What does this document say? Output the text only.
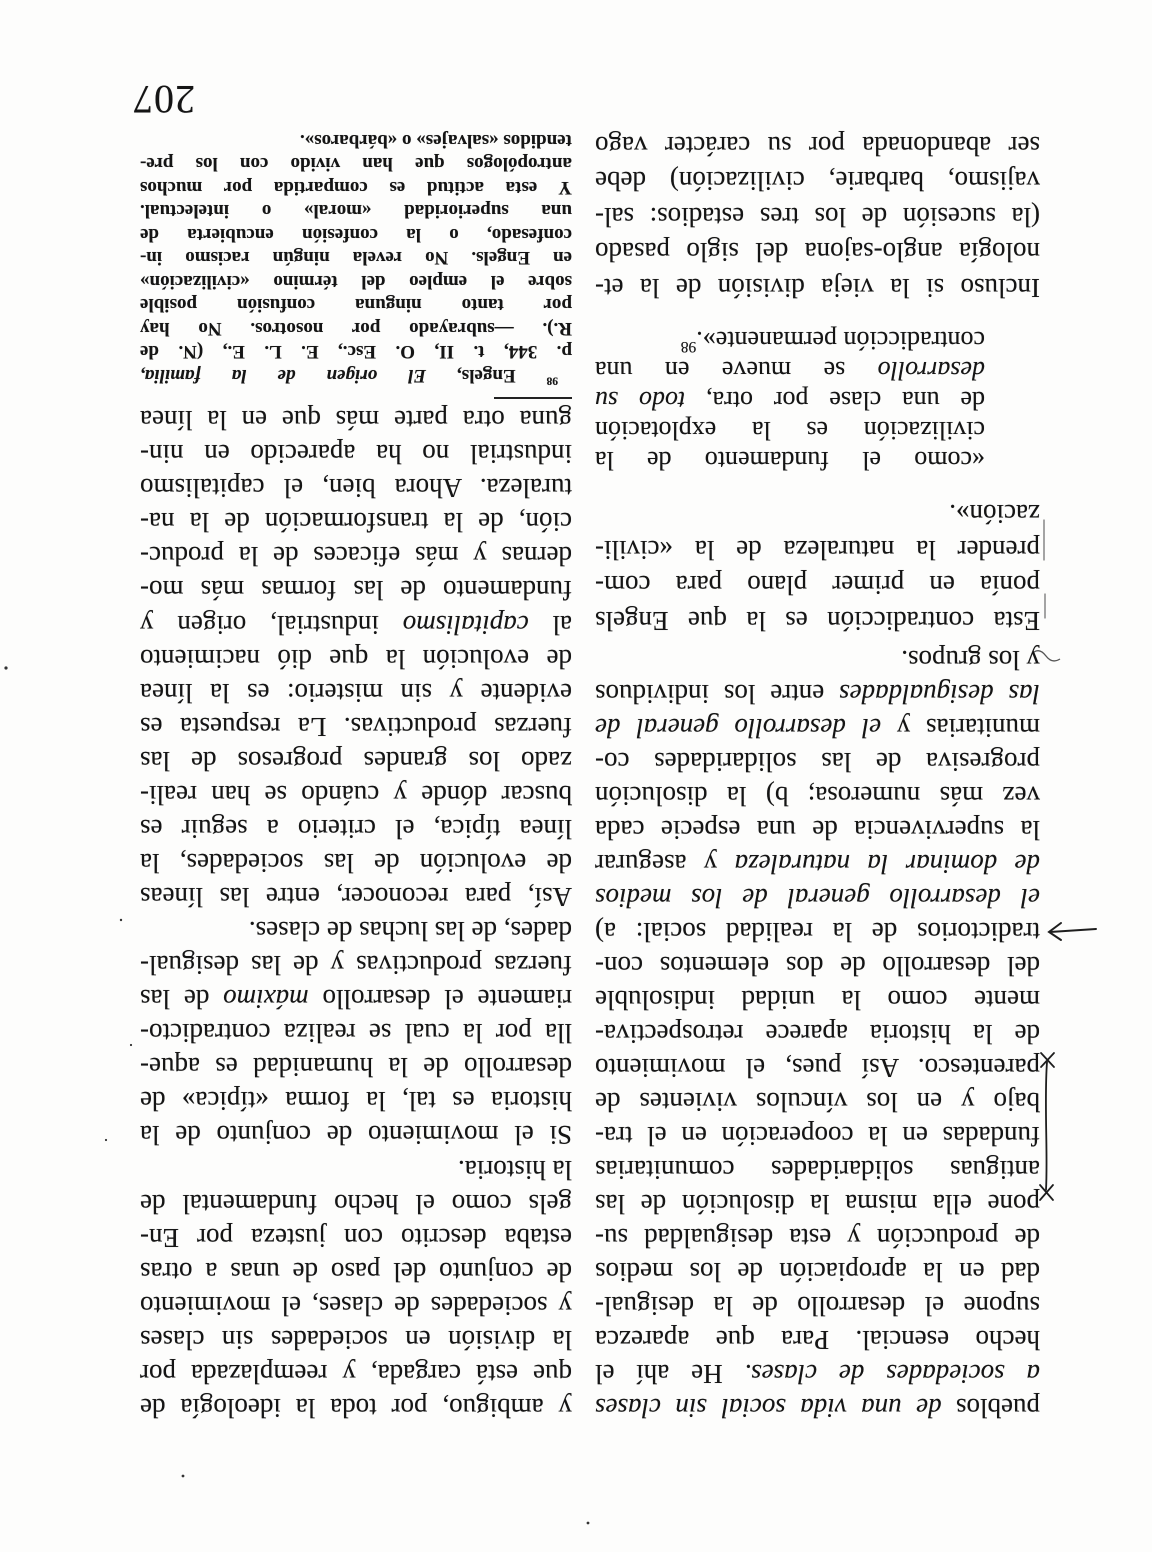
pueblos de una vida social sin clases
a sociedades de clases. He ahí el
hecho esencial. Para que aparezca
supone el desarrollo de la desigual-
dad en la apropiación de los medios
de producción y esta desigualdad su-
pone ella misma la disolución de las
antiguas solidaridades comunitarias
fundadas en la cooperación en el tra-
bajo y en los vínculos vivientes de
parentesco. Así pues, el movimiento
de la historia aparece retrospectiva-
mente como la unidad indisoluble
del desarrollo de dos elementos con-
tradictorios de la realidad social: a)
el desarrollo general de los medios
de dominar la naturaleza y asegurar
la supervivencia de una especie cada
vez más numerosa; b) la disolución
progresiva de las solidaridades co-
munitarias y el desarrollo general de
las desigualdades entre los individuos
y los grupos.
Esta contradicción es la que Engels
ponía en primer plano para com-
prender la naturaleza de la «civili-
zación».
«como el fundamento de la
civilización es la explotación
de una clase por otra, todo su
desarrollo se mueve en una
contradicción permanente».$^{98}$
Incluso si la vieja división de la et-
nología anglo-sajona del siglo pasado
(la sucesión de los tres estadios: sal-
vajismo, barbarie, civilización) debe
ser abandonada por su carácter vago
y ambiguo, por toda la ideología de
que está cargada, y reemplazada por
la división en sociedades sin clases
y sociedades de clases, el movimiento
de conjunto del paso de unas a otras
estaba descrito con justeza por En-
gels como el hecho fundamental de
la historia.
Si el movimiento de conjunto de la
historia es tal, la forma «típica» de
desarrollo de la humanidad es aque-
lla por la cual se realiza contradicto-
riamente el desarrollo máximo de las
fuerzas productivas y de las desigual-
dades, de las luchas de clases.
Así, para reconocer, entre las líneas
de evolución de las sociedades, la
línea típica, el criterio a seguir es
buscar dónde y cuándo se han reali-
zado los grandes progresos de las
fuerzas productivas. La respuesta es
evidente y sin misterio: es la línea
de evolución la que dió nacimiento
al capitalismo industrial, origen y
fundamento de las formas más mo-
dernas y más eficaces de la produc-
ción, de la transformación de la na-
turaleza. Ahora bien, el capitalismo
industrial no ha aparecido en nin-
guna otra parte más que en la línea
$^{98}$ Engels, El origen de la familia,
p. 344, t. II, O. Esc., E. L. E., (N. de
R.). —subrayado por nosotros. No hay
por tanto ninguna confusión posible
sobre el empleo del término «civilización»
en Engels. No revela ningún racismo in-
confesado, o la confesión encubierta de
una superioridad «moral» o intelectual.
Y esta actitud es compartida por muchos
antropólogos que han vivido con los pre-
tendidos «salvajes» o «bárbaros».
207
